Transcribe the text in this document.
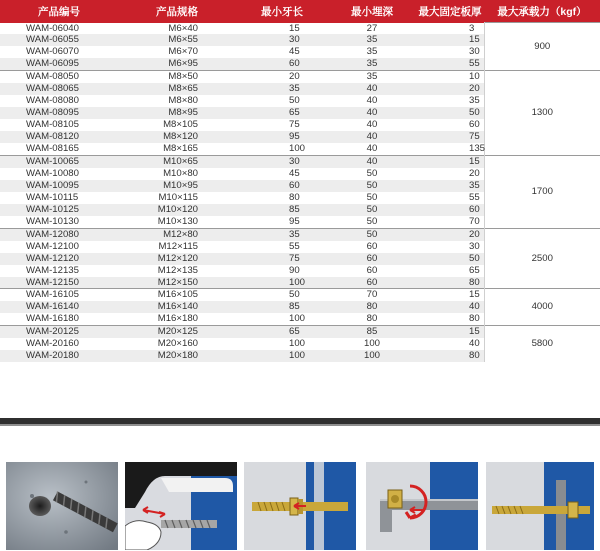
产品编号	产品规格	最小牙长	最小埋深	最大固定板厚	最大承载力（kgf）
WAM-06040	M6×40	15	27	3	900
WAM-06055	M6×55	30	35	15	
WAM-06070	M6×70	45	35	30	
WAM-06095	M6×95	60	35	55	
WAM-08050	M8×50	20	35	10	1300
WAM-08065	M8×65	35	40	20	
WAM-08080	M8×80	50	40	35	
WAM-08095	M8×95	65	40	50	
WAM-08105	M8×105	75	40	60	
WAM-08120	M8×120	95	40	75	
WAM-08165	M8×165	100	40	135	
WAM-10065	M10×65	30	40	15	1700
WAM-10080	M10×80	45	50	20	
WAM-10095	M10×95	60	50	35	
WAM-10115	M10×115	80	50	55	
WAM-10125	M10×120	85	50	60	
WAM-10130	M10×130	95	50	70	
WAM-12080	M12×80	35	50	20	2500
WAM-12100	M12×115	55	60	30	
WAM-12120	M12×120	75	60	50	
WAM-12135	M12×135	90	60	65	
WAM-12150	M12×150	100	60	80	
WAM-16105	M16×105	50	70	15	4000
WAM-16140	M16×140	85	80	40	
WAM-16180	M16×180	100	80	80	
WAM-20125	M20×125	65	85	15	5800
WAM-20160	M20×160	100	100	40	
WAM-20180	M20×180	100	100	80	
